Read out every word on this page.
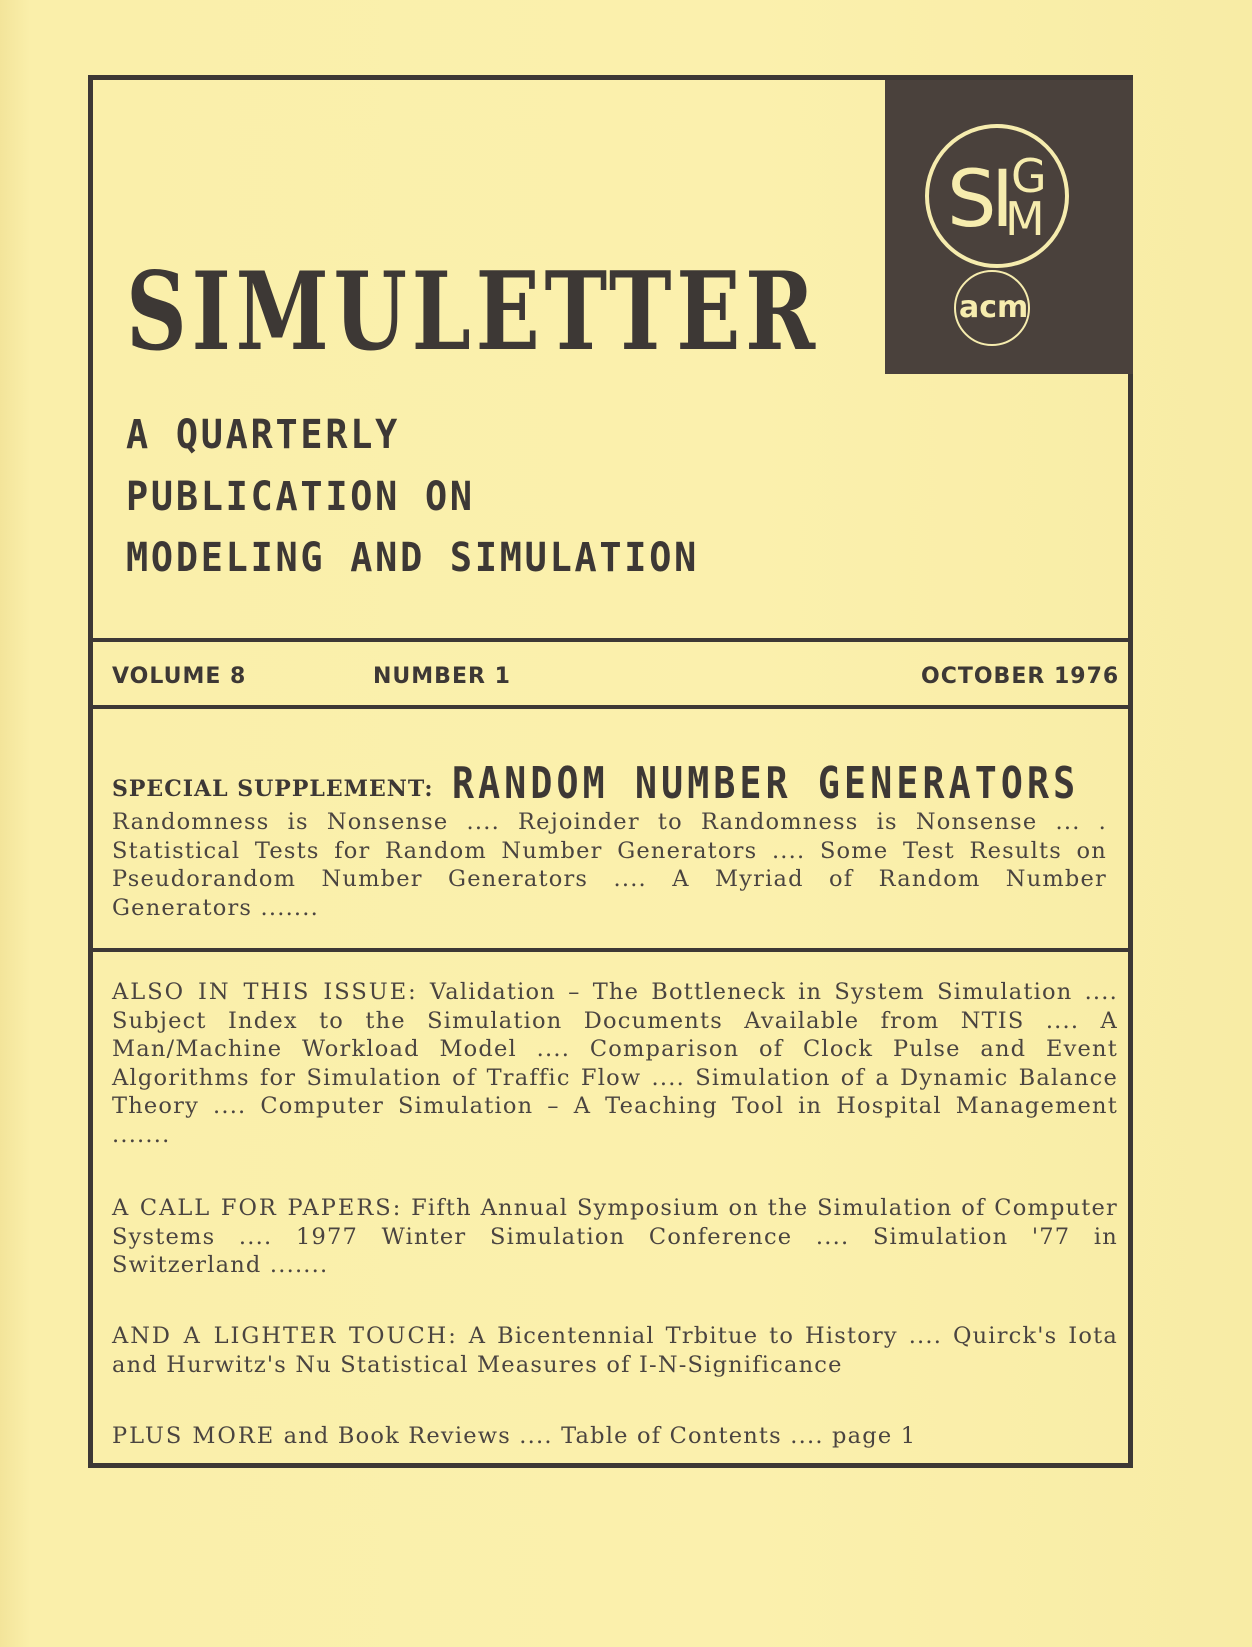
S
I
G
M
acm
SIMULETTER
A QUARTERLY
PUBLICATION ON
MODELING AND SIMULATION
VOLUME 8	NUMBER 1	OCTOBER 1976
SPECIAL SUPPLEMENT: RANDOM NUMBER GENERATORS
Randomness is Nonsense .... Rejoinder to Randomness is Nonsense ... . Statistical Tests for Random Number Generators .... Some Test Results on Pseudorandom Number Generators .... A Myriad of Random Number Generators .......
ALSO IN THIS ISSUE: Validation – The Bottleneck in System Simulation .... Subject Index to the Simulation Documents Available from NTIS .... A Man/Machine Workload Model .... Comparison of Clock Pulse and Event Algorithms for Simulation of Traffic Flow .... Simulation of a Dynamic Balance Theory .... Computer Simulation – A Teaching Tool in Hospital Management .......
A CALL FOR PAPERS: Fifth Annual Symposium on the Simulation of Computer Systems .... 1977 Winter Simulation Conference .... Simulation '77 in Switzerland .......
AND A LIGHTER TOUCH: A Bicentennial Trbitue to History .... Quirck's Iota and Hurwitz's Nu Statistical Measures of I-N-Significance
PLUS MORE and Book Reviews .... Table of Contents .... page 1
